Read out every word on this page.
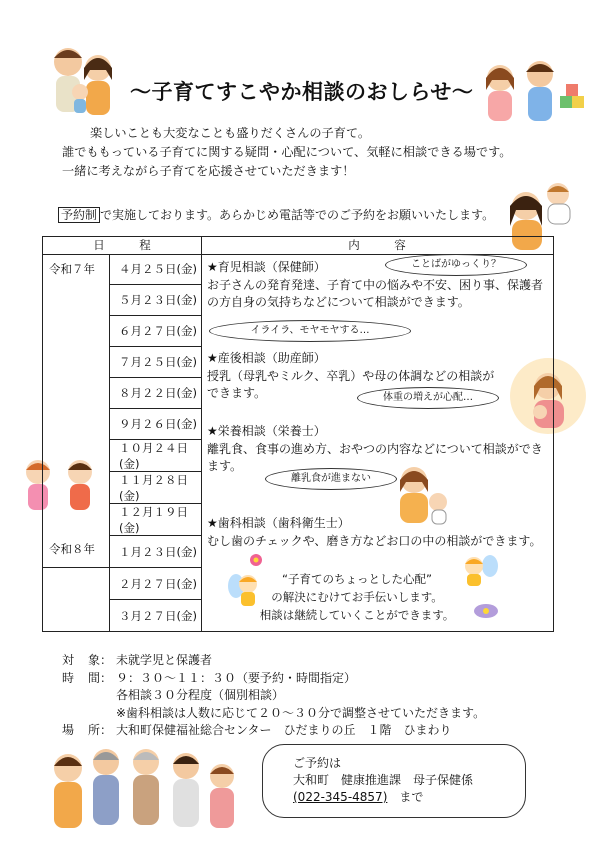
～子育てすこやか相談のおしらせ～
楽しいことも大変なことも盛りだくさんの子育て。
誰でももっている子育てに関する疑問・心配について、気軽に相談できる場です。
一緒に考えながら子育てを応援させていただきます！
予約制 で実施しております。あらかじめ電話等でのご予約をお願いいたします。
日　　　程	内　　　容
令和７年
令和８年
４月２５日(金)
５月２３日(金)
６月２７日(金)
７月２５日(金)
８月２２日(金)
９月２６日(金)
１０月２４日(金)
１１月２８日(金)
１２月１９日(金)
１月２３日(金)
２月２７日(金)
３月２７日(金)
★育児相談（保健師）
お子さんの発育発達、子育て中の悩みや不安、困り事、保護者の方自身の気持ちなどについて相談ができます。
★産後相談（助産師）
授乳（母乳やミルク、卒乳）や母の体調などの相談ができます。
★栄養相談（栄養士）
離乳食、食事の進め方、おやつの内容などについて相談ができます。
★歯科相談（歯科衛生士）
むし歯のチェックや、磨き方などお口の中の相談ができます。
ことばがゆっくり？
イライラ、モヤモヤする…
体重の増えが心配…
離乳食が進まない
“子育てのちょっとした心配”
の解決にむけてお手伝いします。
相談は継続していくことができます。
対 象： 未就学児と保護者
時 間： ９：３０～１１：３０（要予約・時間指定）
各相談３０分程度（個別相談）
※歯科相談は人数に応じて２０～３０分で調整させていただきます。
場 所： 大和町保健福祉総合センター　ひだまりの丘　１階　ひまわり
ご予約は
大和町　健康推進課　母子保健係
(022-345-4857)　 まで
